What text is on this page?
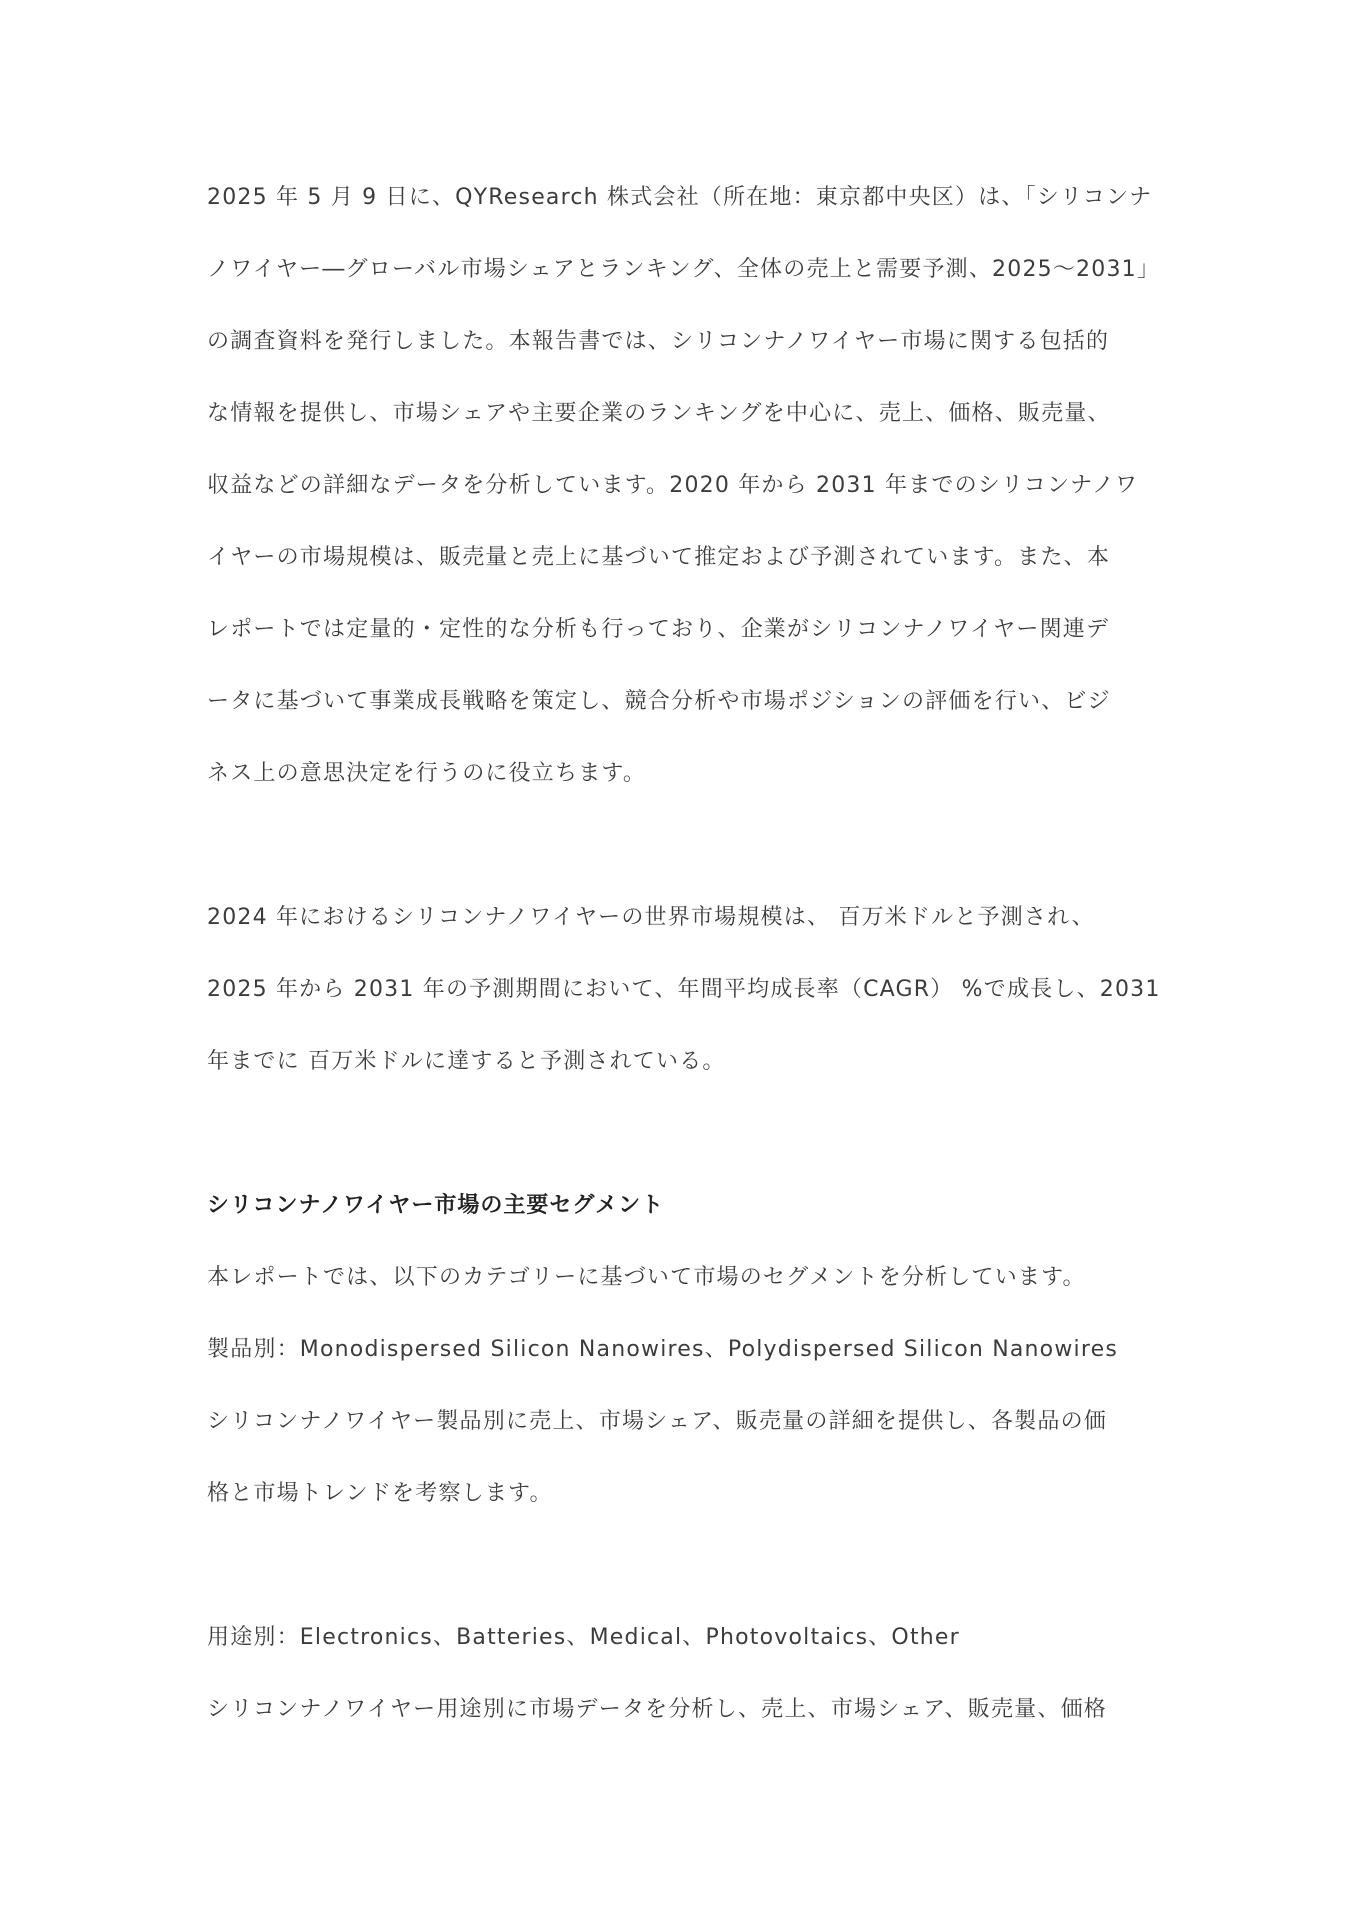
2025 年 5 月 9 日に、QYResearch 株式会社（所在地：東京都中央区）は、「シリコンナ
ノワイヤー―グローバル市場シェアとランキング、全体の売上と需要予測、2025～2031」
の調査資料を発行しました。本報告書では、シリコンナノワイヤー市場に関する包括的
な情報を提供し、市場シェアや主要企業のランキングを中心に、売上、価格、販売量、
収益などの詳細なデータを分析しています。2020 年から 2031 年までのシリコンナノワ
イヤーの市場規模は、販売量と売上に基づいて推定および予測されています。また、本
レポートでは定量的・定性的な分析も行っており、企業がシリコンナノワイヤー関連デ
ータに基づいて事業成長戦略を策定し、競合分析や市場ポジションの評価を行い、ビジ
ネス上の意思決定を行うのに役立ちます。
2024 年におけるシリコンナノワイヤーの世界市場規模は、 百万米ドルと予測され、
2025 年から 2031 年の予測期間において、年間平均成長率（CAGR） %で成長し、2031
年までに 百万米ドルに達すると予測されている。
シリコンナノワイヤー市場の主要セグメント
本レポートでは、以下のカテゴリーに基づいて市場のセグメントを分析しています。
製品別：Monodispersed Silicon Nanowires、Polydispersed Silicon Nanowires
シリコンナノワイヤー製品別に売上、市場シェア、販売量の詳細を提供し、各製品の価
格と市場トレンドを考察します。
用途別：Electronics、Batteries、Medical、Photovoltaics、Other
シリコンナノワイヤー用途別に市場データを分析し、売上、市場シェア、販売量、価格
